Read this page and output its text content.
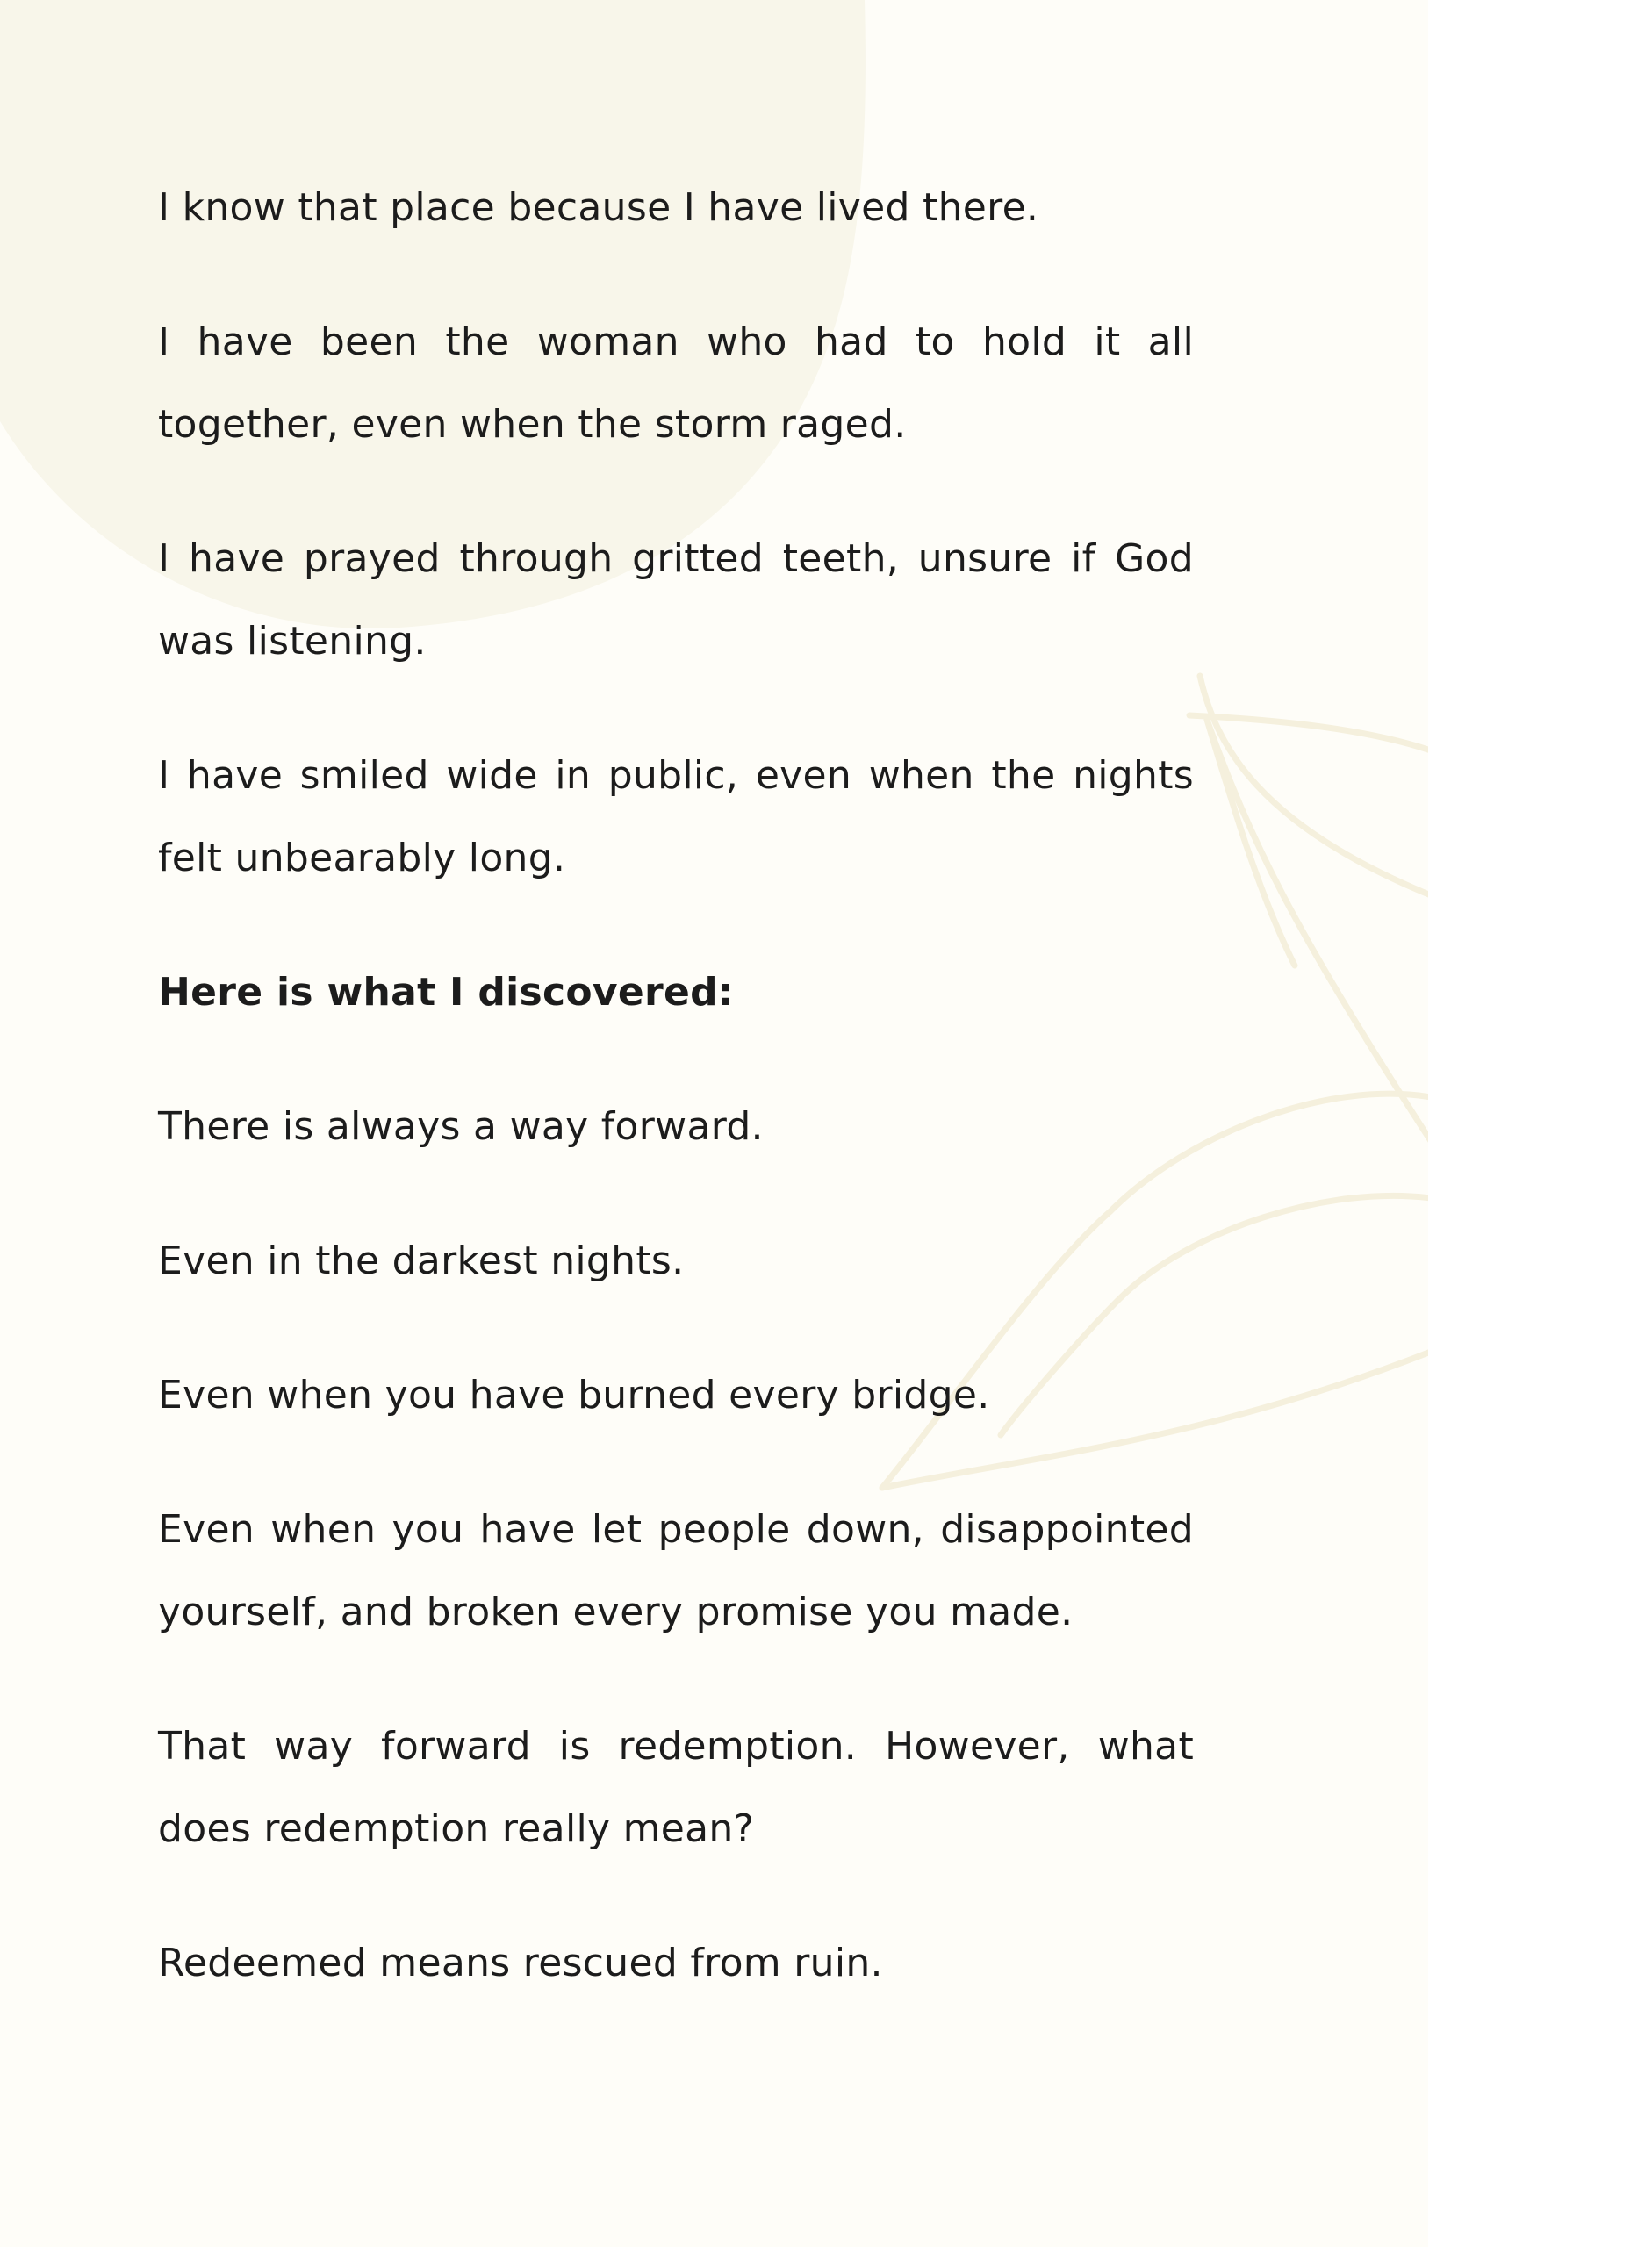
I know that place because I have lived there.

I have been the woman who had to hold it all together, even when the storm raged.

I have prayed through gritted teeth, unsure if God was listening.

I have smiled wide in public, even when the nights felt unbearably long.

Here is what I discovered:

There is always a way forward.

Even in the darkest nights.

Even when you have burned every bridge.

Even when you have let people down, disappointed yourself, and broken every promise you made.

That way forward is redemption. However, what does redemption really mean?

Redeemed means rescued from ruin.
